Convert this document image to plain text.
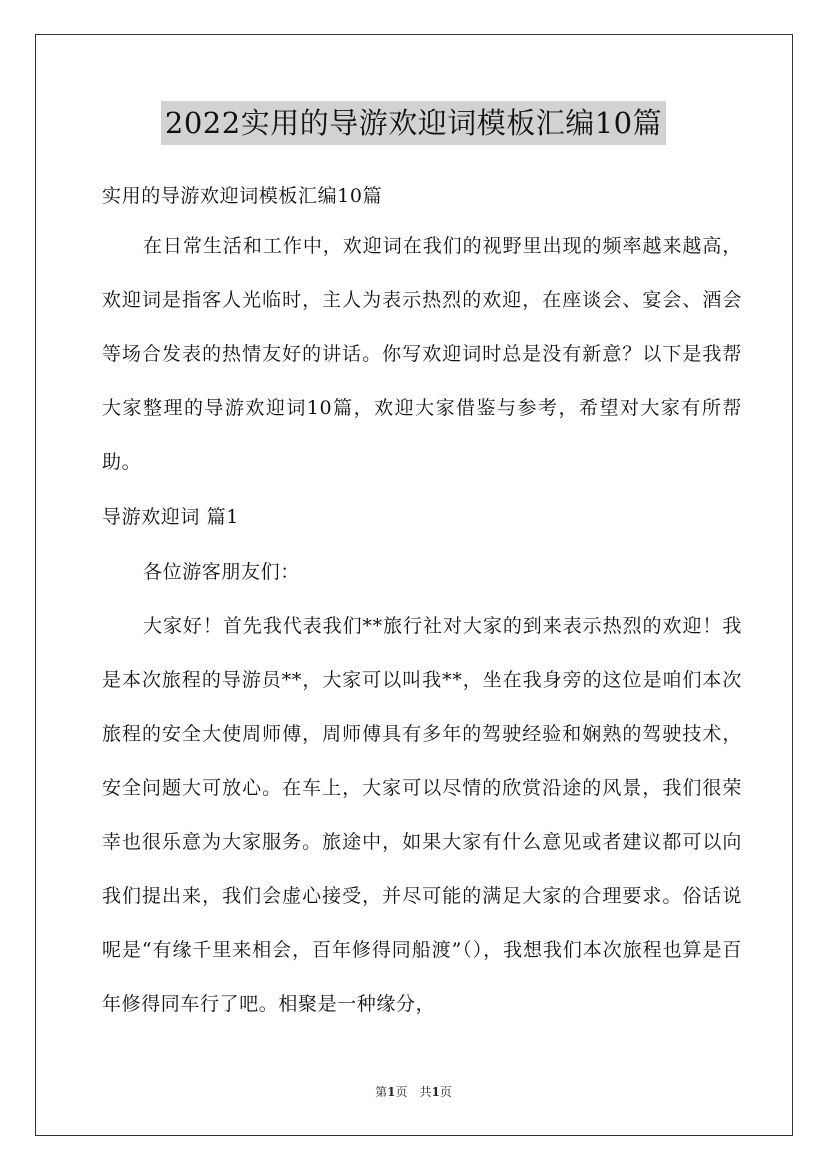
2022实用的导游欢迎词模板汇编10篇

实用的导游欢迎词模板汇编10篇

在日常生活和工作中，欢迎词在我们的视野里出现的频率越来越高，欢迎词是指客人光临时，主人为表示热烈的欢迎，在座谈会、宴会、酒会等场合发表的热情友好的讲话。你写欢迎词时总是没有新意？以下是我帮大家整理的导游欢迎词10篇，欢迎大家借鉴与参考，希望对大家有所帮助。

导游欢迎词 篇1

各位游客朋友们：

大家好！首先我代表我们**旅行社对大家的到来表示热烈的欢迎！我是本次旅程的导游员**，大家可以叫我**，坐在我身旁的这位是咱们本次旅程的安全大使周师傅，周师傅具有多年的驾驶经验和娴熟的驾驶技术，安全问题大可放心。在车上，大家可以尽情的欣赏沿途的风景，我们很荣幸也很乐意为大家服务。旅途中，如果大家有什么意见或者建议都可以向我们提出来，我们会虚心接受，并尽可能的满足大家的合理要求。俗话说呢是“有缘千里来相会，百年修得同船渡”（），我想我们本次旅程也算是百年修得同车行了吧。相聚是一种缘分，

第1页　共1页
